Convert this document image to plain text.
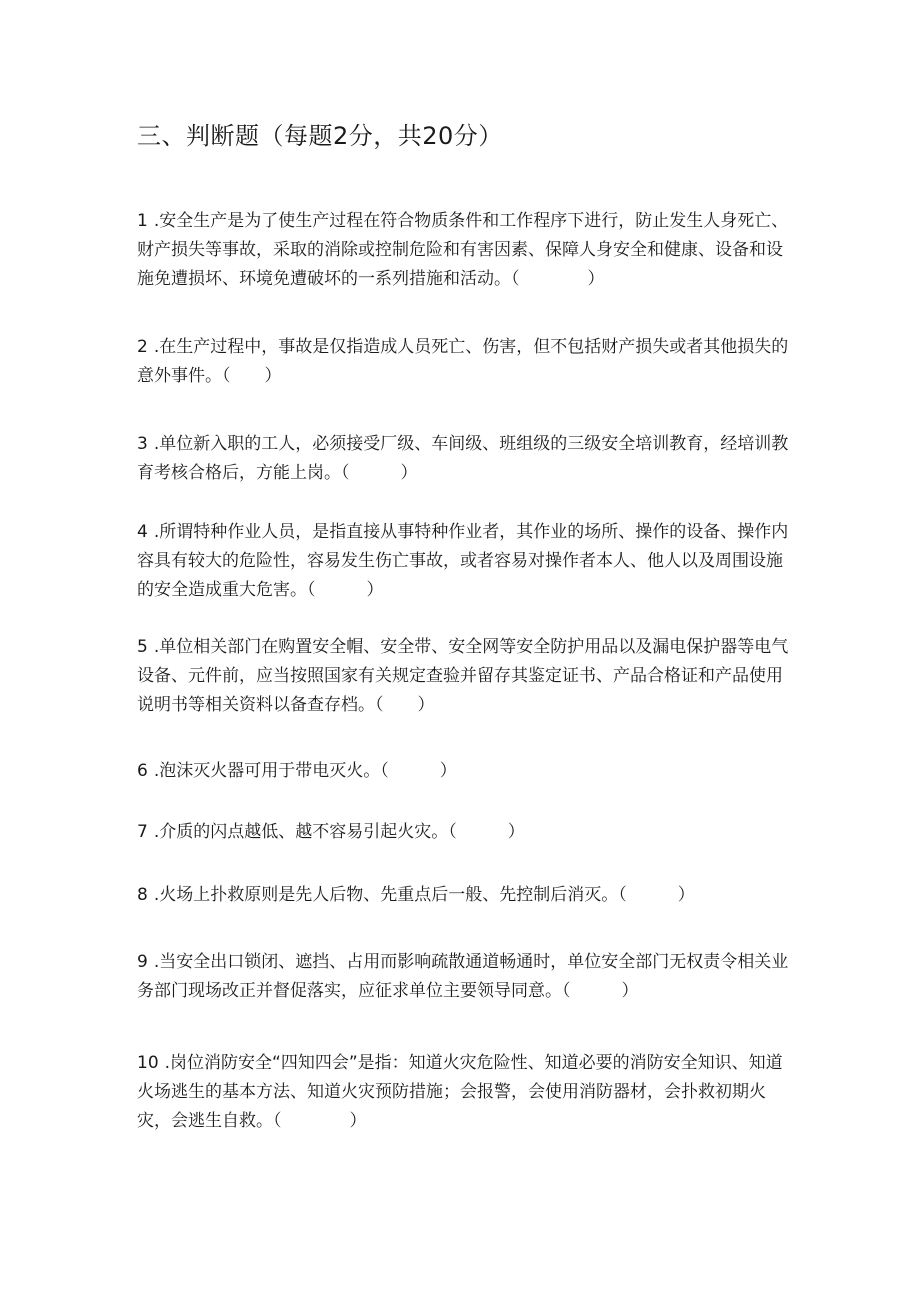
三、判断题（每题2分，共20分）

1 .安全生产是为了使生产过程在符合物质条件和工作程序下进行，防止发生人身死亡、财产损失等事故，采取的消除或控制危险和有害因素、保障人身安全和健康、设备和设施免遭损坏、环境免遭破坏的一系列措施和活动。（　　　　）

2 .在生产过程中，事故是仅指造成人员死亡、伤害，但不包括财产损失或者其他损失的意外事件。（　　）

3 .单位新入职的工人，必须接受厂级、车间级、班组级的三级安全培训教育，经培训教育考核合格后，方能上岗。（　　　）

4 .所谓特种作业人员，是指直接从事特种作业者，其作业的场所、操作的设备、操作内容具有较大的危险性，容易发生伤亡事故，或者容易对操作者本人、他人以及周围设施的安全造成重大危害。（　　　）

5 .单位相关部门在购置安全帽、安全带、安全网等安全防护用品以及漏电保护器等电气设备、元件前，应当按照国家有关规定查验并留存其鉴定证书、产品合格证和产品使用说明书等相关资料以备查存档。（　　）

6 .泡沫灭火器可用于带电灭火。（　　　）

7 .介质的闪点越低、越不容易引起火灾。（　　　）

8 .火场上扑救原则是先人后物、先重点后一般、先控制后消灭。（　　　）

9 .当安全出口锁闭、遮挡、占用而影响疏散通道畅通时，单位安全部门无权责令相关业务部门现场改正并督促落实，应征求单位主要领导同意。（　　　）

10 .岗位消防安全“四知四会”是指：知道火灾危险性、知道必要的消防安全知识、知道火场逃生的基本方法、知道火灾预防措施；会报警，会使用消防器材，会扑救初期火灾，会逃生自救。（　　　　）
